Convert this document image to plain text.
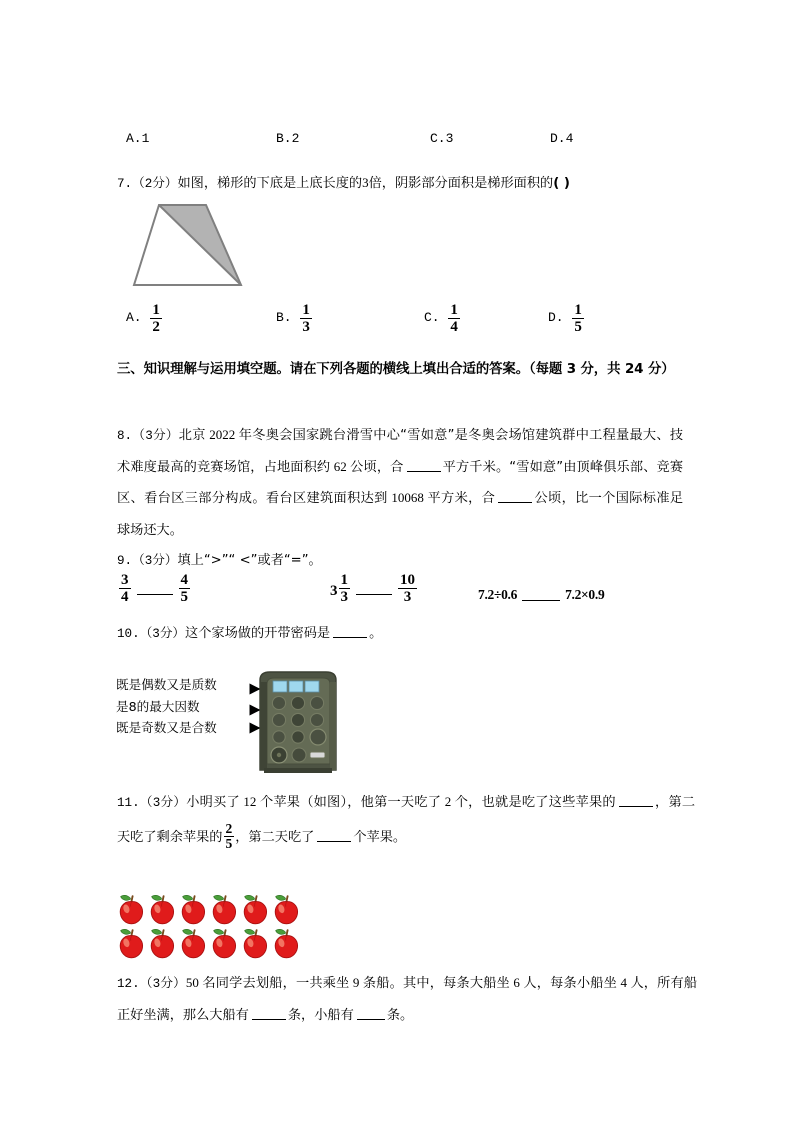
A.1	B.2	C.3	D.4
7.（2分）如图，梯形的下底是上底长度的3倍，阴影部分面积是梯形面积的( )
A. $\frac{1}{2}$	B. $\frac{1}{3}$	C. $\frac{1}{4}$	D. $\frac{1}{5}$
三、知识理解与运用填空题。请在下列各题的横线上填出合适的答案。（每题 3 分，共 24 分）
8.（3分）北京 2022 年冬奥会国家跳台滑雪中心“雪如意”是冬奥会场馆建筑群中工程量最大、技术难度最高的竞赛场馆，占地面积约 62 公顷，合	平方千米。“雪如意”由顶峰俱乐部、竞赛区、看台区三部分构成。看台区建筑面积达到 10068 平方米，合	公顷，比一个国际标准足球场还大。
9.（3分）填上“>”“ <”或者“=”。
$\frac{3}{4}$	$\frac{4}{5}$	$3 \frac{1}{3}$	$\frac{10}{3}$	7.2÷0.6	7.2×0.9
10.（3分）这个家场做的开带密码是	。
既是偶数又是质数
是8的最大因数
既是奇数又是合数
11.（3分）小明买了 12 个苹果（如图），他第一天吃了 2 个，也就是吃了这些苹果的	，第二天吃了剩余苹果的 $\frac{2}{5}$ ，第二天吃了	个苹果。
12.（3分）50 名同学去划船，一共乘坐 9 条船。其中，每条大船坐 6 人，每条小船坐 4 人，所有船正好坐满，那么大船有	条，小船有	条。
